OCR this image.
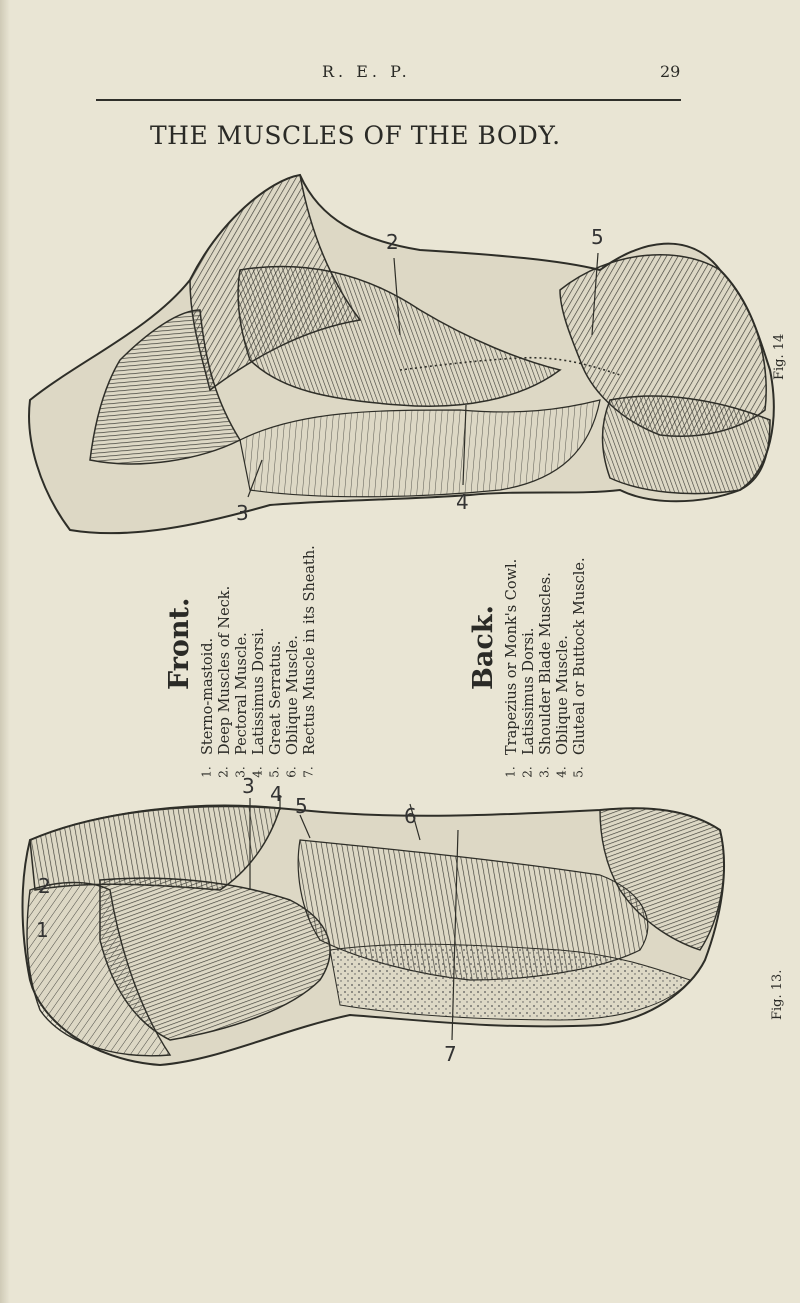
R. E. P.	29
THE MUSCLES OF THE BODY.
2	5
3	4
Fig. 14
Front. Sterno-mastoid. Deep Muscles of Neck. Pectoral Muscle. Latissimus Dorsi. Great Serratus. Oblique Muscle. Rectus Muscle in its Sheath.
1. 2. 3. 4. 5. 6. 7.
Back. Trapezius or Monk's Cowl. Latissimus Dorsi. Shoulder Blade Muscles. Oblique Muscle. Gluteal or Buttock Muscle.
1. 2. 3. 4. 5.
3 4 5	6
2
1
7
Fig. 13.
